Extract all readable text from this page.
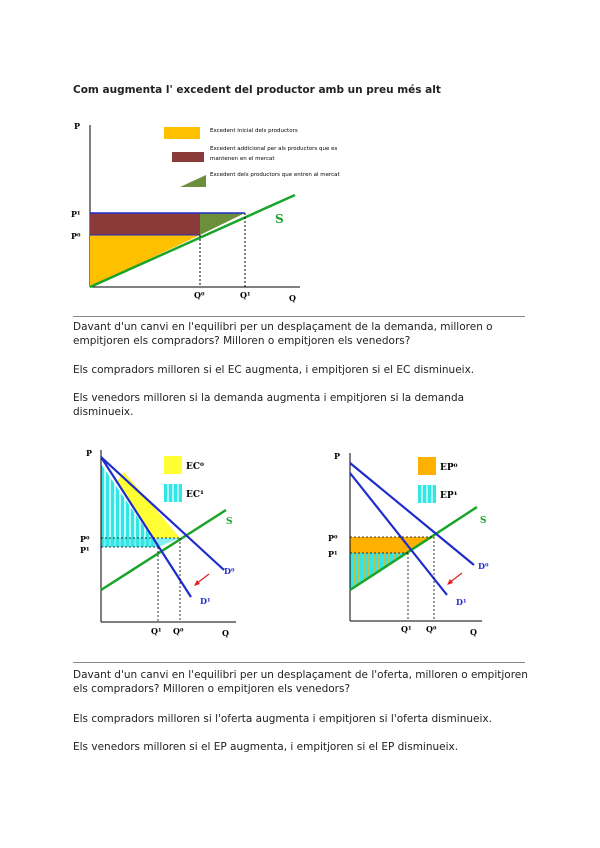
Com augmenta l' excedent del productor amb un preu més alt
P
Q
P¹
P⁰
Q⁰	Q¹
S
Excedent inicial dels productors
Excedent addicional per als productors que es
mantenen en el mercat
Excedent dels productors que entren al mercat
Davant d'un canvi en l'equilibri per un desplaçament de la demanda, milloren o empitjoren els compradors? Milloren o empitjoren els venedors?
Els compradors milloren si el EC augmenta, i empitjoren si el EC disminueix.
Els venedors milloren si la demanda augmenta i empitjoren si la demanda disminueix.
EC⁰
EC¹
P
Q
P⁰
P¹
Q¹ Q⁰
S
D⁰
D¹
EP⁰
EP¹
P
Q
P⁰
P¹
Q¹ Q⁰
S
D⁰
D¹
Davant d'un canvi en l'equilibri per un desplaçament de l'oferta, milloren o empitjoren els compradors? Milloren o empitjoren els venedors?
Els compradors milloren si l'oferta augmenta i empitjoren si l'oferta disminueix.
Els venedors milloren si el EP augmenta, i empitjoren si el EP disminueix.
